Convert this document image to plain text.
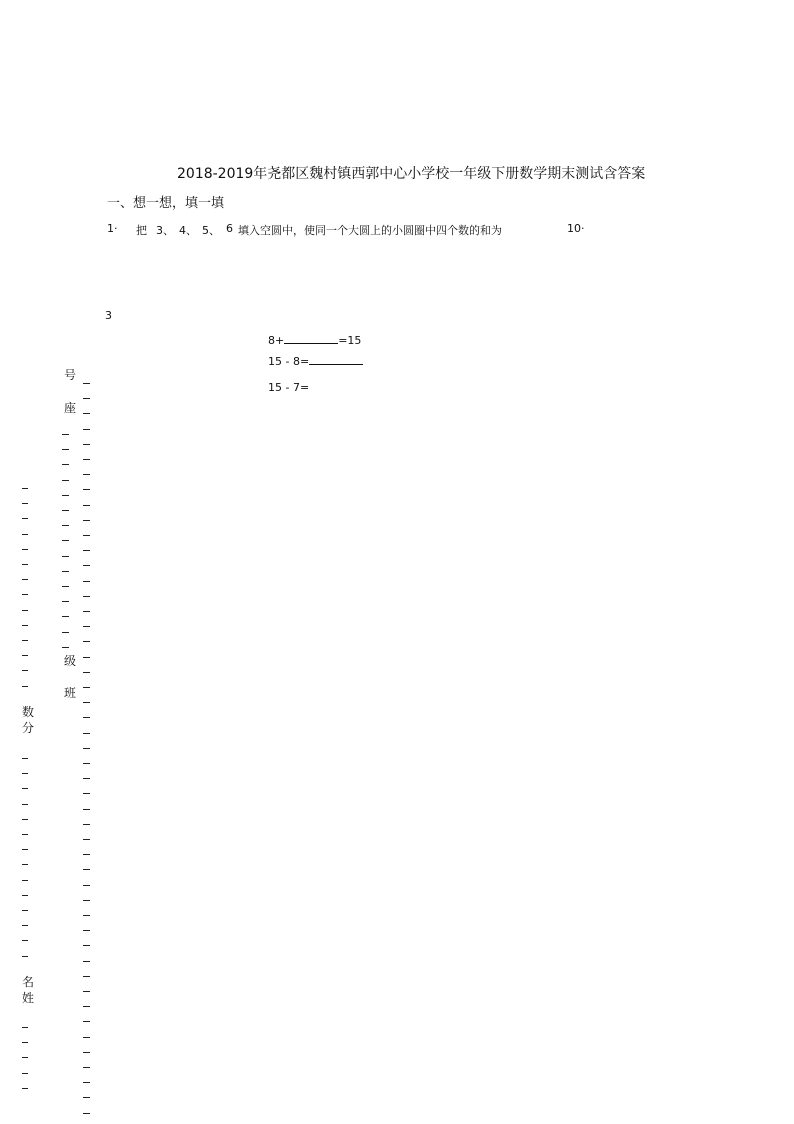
2018-2019年尧都区魏村镇西郭中心小学校一年级下册数学期末测试含答案
一、想一想，填一填
1· 把 3、 4、 5、 6 填入空圆中，使同一个大圆上的小圆圈中四个数的和为	10·
3
8+	=15
15 - 8=
15 - 7=
号
座
级
班
数
分
名
姓
